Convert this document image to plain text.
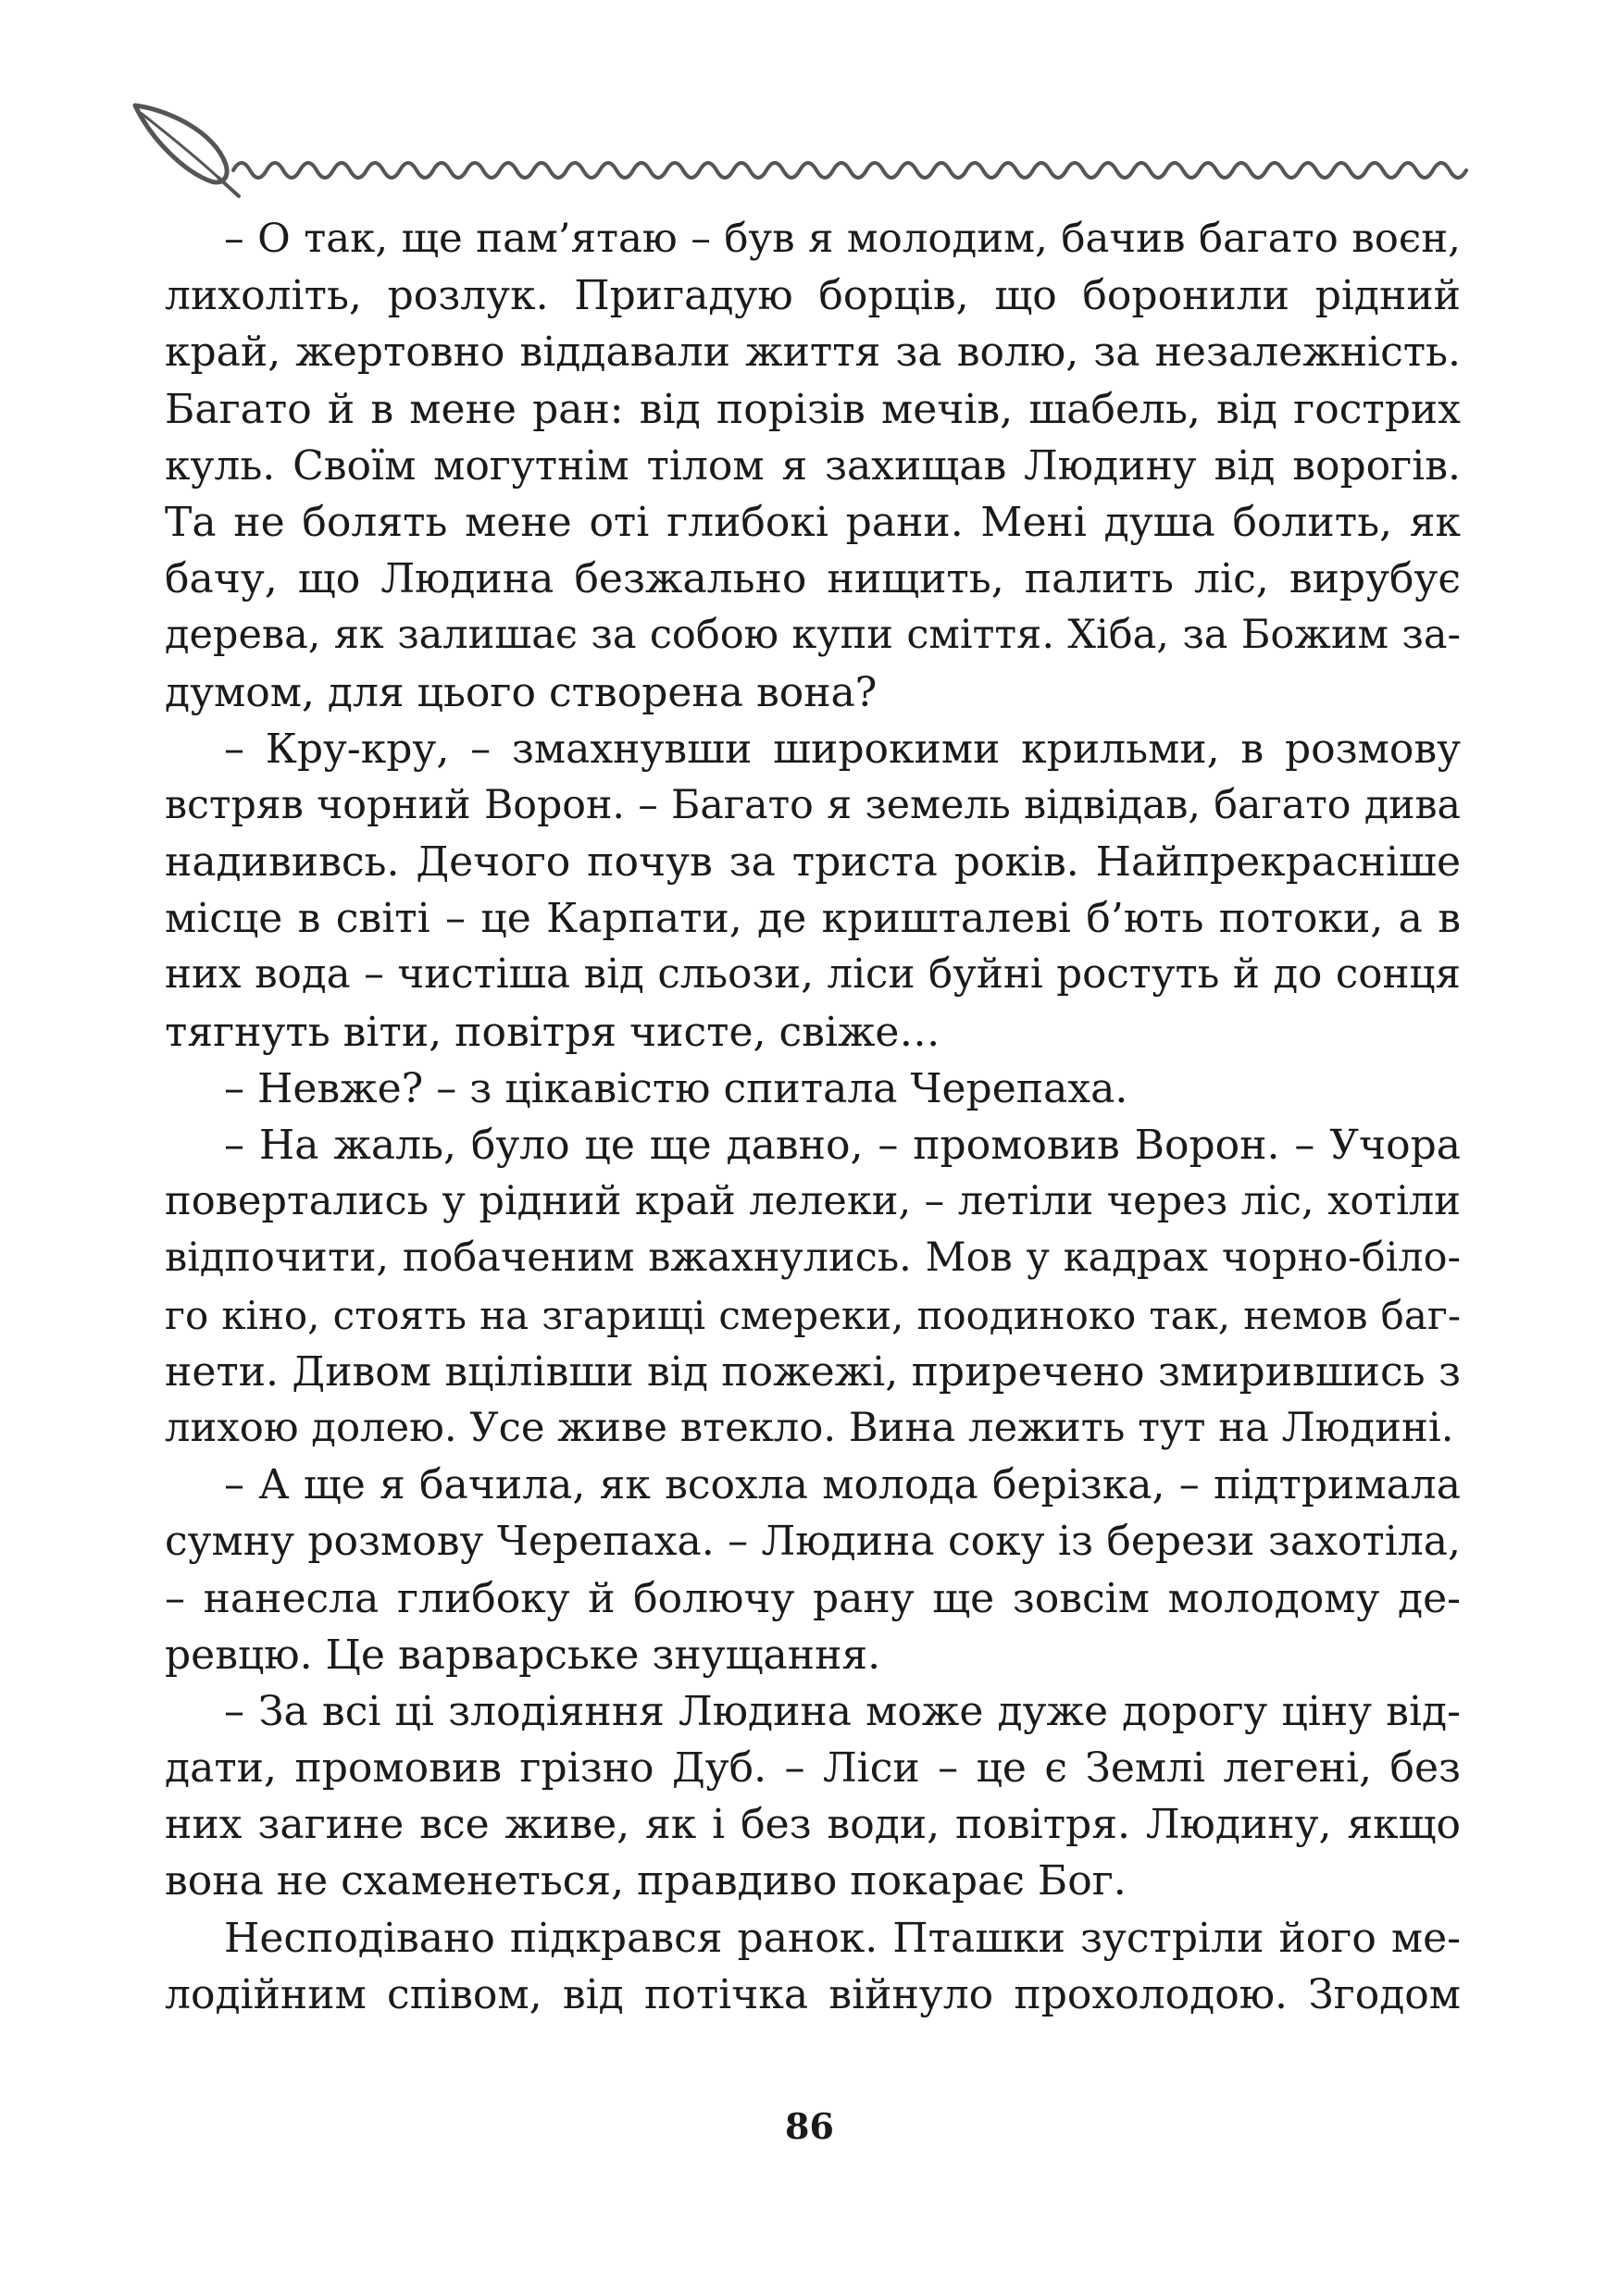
– О так, ще пам’ятаю – був я молодим, бачив багато воєн,
лихоліть, розлук. Пригадую борців, що боронили рідний
край, жертовно віддавали життя за волю, за незалежність.
Багато й в мене ран: від порізів мечів, шабель, від гострих
куль. Своїм могутнім тілом я захищав Людину від ворогів.
Та не болять мене оті глибокі рани. Мені душа болить, як
бачу, що Людина безжально нищить, палить ліс, вирубує
дерева, як залишає за собою купи сміття. Хіба, за Божим за-
думом, для цього створена вона?
– Кру-кру, – змахнувши широкими крильми, в розмову
встряв чорний Ворон. – Багато я земель відвідав, багато дива
надививсь. Дечого почув за триста років. Найпрекрасніше
місце в світі – це Карпати, де кришталеві б’ють потоки, а в
них вода – чистіша від сльози, ліси буйні ростуть й до сонця
тягнуть віти, повітря чисте, свіже…
– Невже? – з цікавістю спитала Черепаха.
– На жаль, було це ще давно, – промовив Ворон. – Учора
повертались у рідний край лелеки, – летіли через ліс, хотіли
відпочити, побаченим вжахнулись. Мов у кадрах чорно-біло-
го кіно, стоять на згарищі смереки, поодиноко так, немов баг-
нети. Дивом вцілівши від пожежі, приречено змирившись з
лихою долею. Усе живе втекло. Вина лежить тут на Людині.
– А ще я бачила, як всохла молода берізка, – підтримала
сумну розмову Черепаха. – Людина соку із берези захотіла,
– нанесла глибоку й болючу рану ще зовсім молодому де-
ревцю. Це варварське знущання.
– За всі ці злодіяння Людина може дуже дорогу ціну від-
дати, промовив грізно Дуб. – Ліси – це є Землі легені, без
них загине все живе, як і без води, повітря. Людину, якщо
вона не схаменеться, правдиво покарає Бог.
Несподівано підкрався ранок. Пташки зустріли його ме-
лодійним співом, від потічка війнуло прохолодою. Згодом
86
